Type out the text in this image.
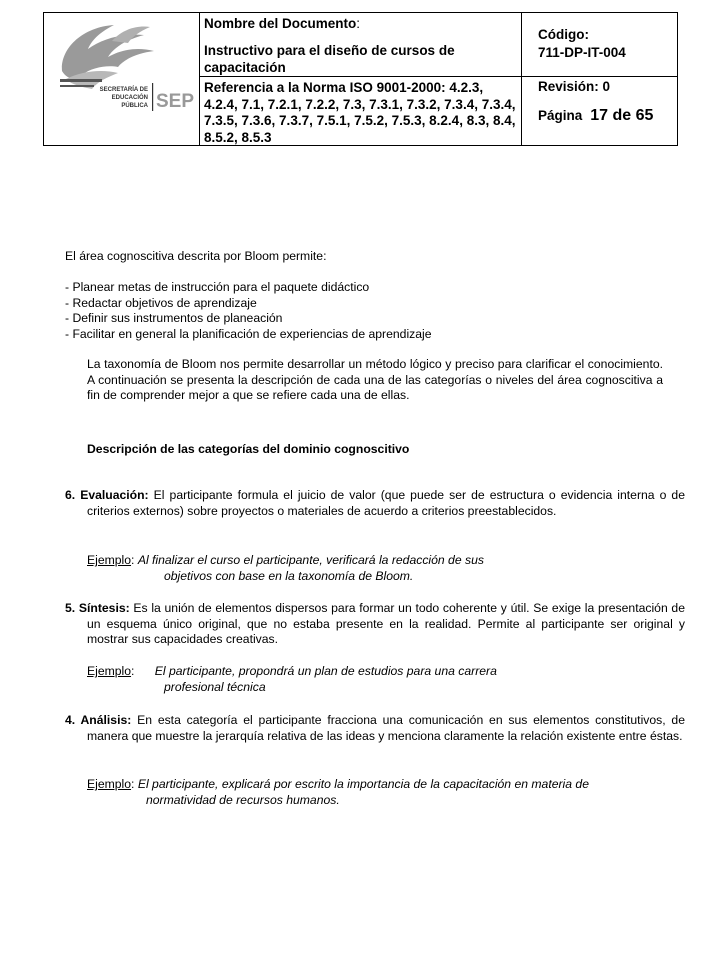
SECRETARÍA DE
EDUCACIÓN
PÚBLICA SEP
Nombre del Documento:
Instructivo para el diseño de cursos de capacitación
Referencia a la Norma ISO 9001-2000: 4.2.3, 4.2.4, 7.1, 7.2.1, 7.2.2, 7.3, 7.3.1, 7.3.2, 7.3.4, 7.3.4, 7.3.5, 7.3.6, 7.3.7, 7.5.1, 7.5.2, 7.5.3, 8.2.4, 8.3, 8.4, 8.5.2, 8.5.3
Código:
711-DP-IT-004
Revisión: 0
Página 17 de 65
El área cognoscitiva descrita por Bloom permite:
- Planear metas de instrucción para el paquete didáctico
- Redactar objetivos de aprendizaje
- Definir sus instrumentos de planeación
- Facilitar en general la planificación de experiencias de aprendizaje
La taxonomía de Bloom nos permite desarrollar un método lógico y preciso para clarificar el conocimiento. A continuación se presenta la descripción de cada una de las categorías o niveles del área cognoscitiva a fin de comprender mejor a que se refiere cada una de ellas.
Descripción de las categorías del dominio cognoscitivo
6. Evaluación: El participante formula el juicio de valor (que puede ser de estructura o evidencia interna o de criterios externos) sobre proyectos o materiales de acuerdo a criterios preestablecidos.
Ejemplo: Al finalizar el curso el participante, verificará la redacción de sus
objetivos con base en la taxonomía de Bloom.
5. Síntesis: Es la unión de elementos dispersos para formar un todo coherente y útil. Se exige la presentación de un esquema único original, que no estaba presente en la realidad. Permite al participante ser original y mostrar sus capacidades creativas.
Ejemplo:      El participante, propondrá un plan de estudios para una carrera
profesional técnica
4. Análisis: En esta categoría el participante fracciona una comunicación en sus elementos constitutivos, de manera que muestre la jerarquía relativa de las ideas y menciona claramente la relación existente entre éstas.
Ejemplo: El participante, explicará por escrito la importancia de la capacitación en materia de
normatividad de recursos humanos.
